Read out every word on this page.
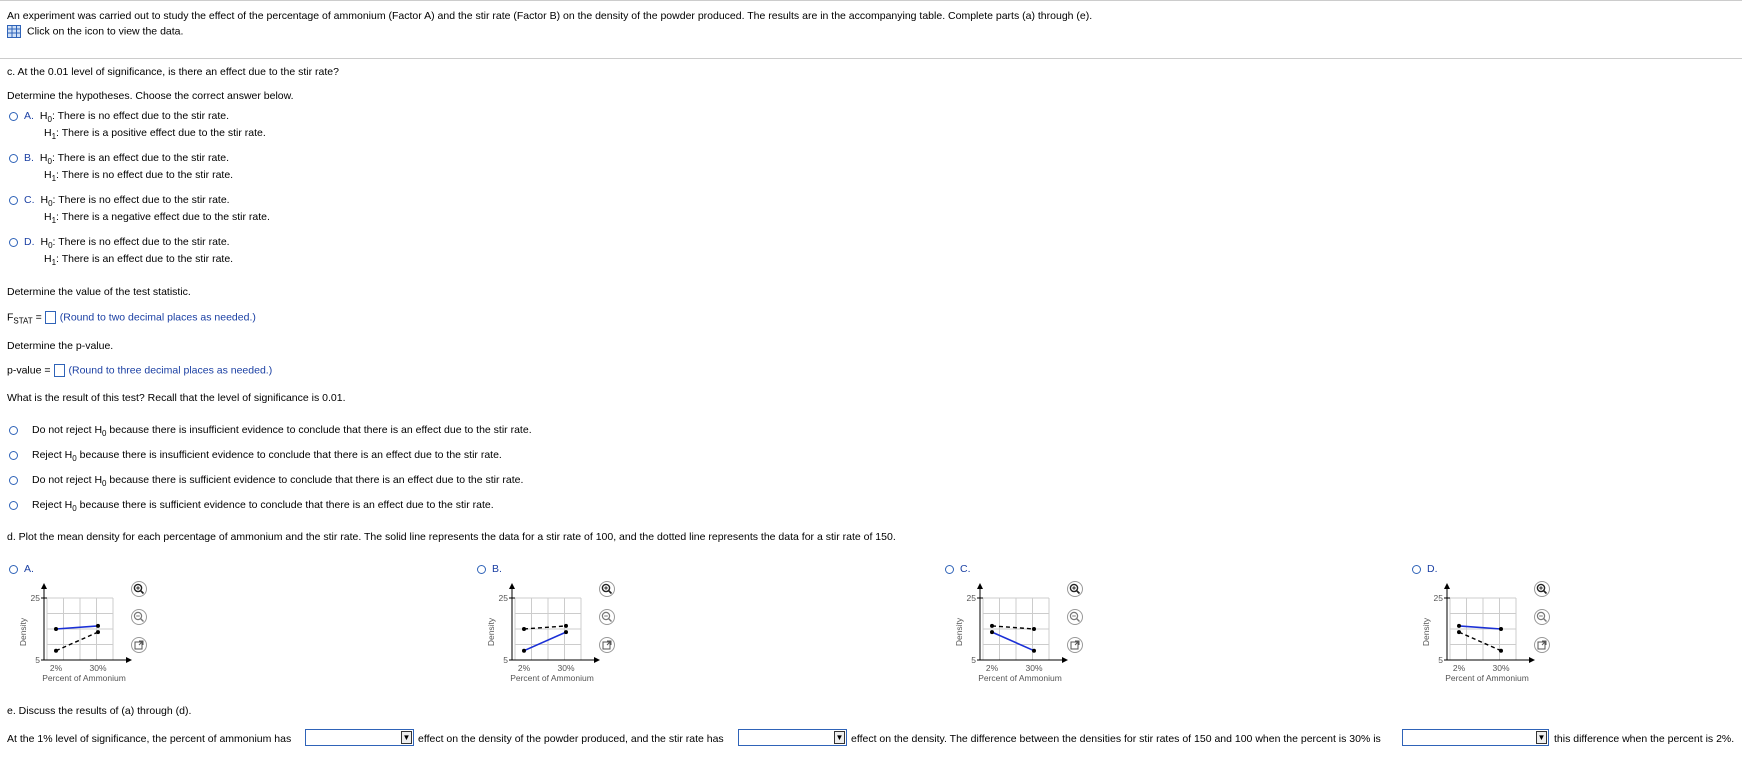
An experiment was carried out to study the effect of the percentage of ammonium (Factor A) and the stir rate (Factor B) on the density of the powder produced. The results are in the accompanying table. Complete parts (a) through (e).
Click on the icon to view the data.
c. At the 0.01 level of significance, is there an effect due to the stir rate?
Determine the hypotheses. Choose the correct answer below.
A. $H_0$: There is no effect due to the stir rate.
$H_1$: There is a positive effect due to the stir rate.
B. $H_0$: There is an effect due to the stir rate.
$H_1$: There is no effect due to the stir rate.
C. $H_0$: There is no effect due to the stir rate.
$H_1$: There is a negative effect due to the stir rate.
D. $H_0$: There is no effect due to the stir rate.
$H_1$: There is an effect due to the stir rate.
Determine the value of the test statistic.
$F_{STAT}$ = (Round to two decimal places as needed.)
Determine the p-value.
p-value = (Round to three decimal places as needed.)
What is the result of this test? Recall that the level of significance is 0.01.
Do not reject $H_0$ because there is insufficient evidence to conclude that there is an effect due to the stir rate.
Reject $H_0$ because there is insufficient evidence to conclude that there is an effect due to the stir rate.
Do not reject $H_0$ because there is sufficient evidence to conclude that there is an effect due to the stir rate.
Reject $H_0$ because there is sufficient evidence to conclude that there is an effect due to the stir rate.
d. Plot the mean density for each percentage of ammonium and the stir rate. The solid line represents the data for a stir rate of 100, and the dotted line represents the data for a stir rate of 150.
A.
25
5
2%	30%
Percent of Ammonium
Density
B.
25
5
2%	30%
Percent of Ammonium
Density
C.
25
5
2%	30%
Percent of Ammonium
Density
D.
25
5
2%	30%
Percent of Ammonium
Density
e. Discuss the results of (a) through (d).
At the 1% level of significance, the percent of ammonium has	▼ effect on the density of the powder produced, and the stir rate has	▼ effect on the density. The difference between the densities for stir rates of 150 and 100 when the percent is 30% is	▼ this difference when the percent is 2%.
